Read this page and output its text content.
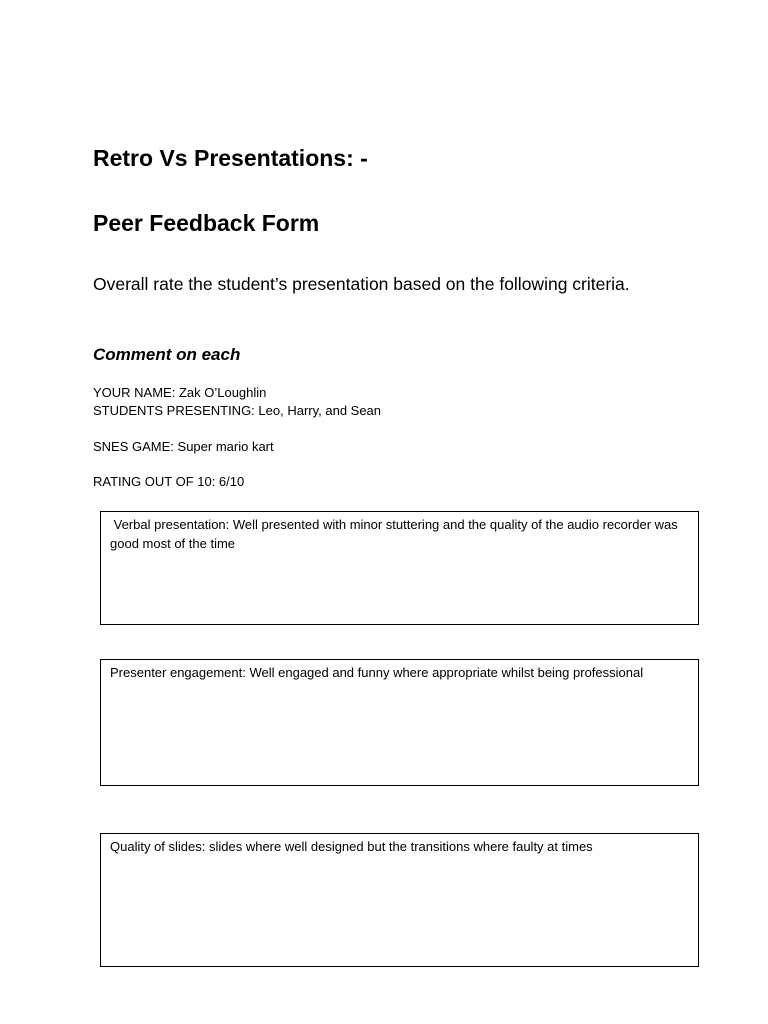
Retro Vs Presentations: -
Peer Feedback Form

Overall rate the student’s presentation based on the following criteria.

Comment on each

YOUR NAME: Zak O’Loughlin

STUDENTS PRESENTING: Leo, Harry, and Sean

SNES GAME: Super mario kart

RATING OUT OF 10: 6/10

Verbal presentation: Well presented with minor stuttering and the quality of the audio recorder was good most of the time
Presenter engagement: Well engaged and funny where appropriate whilst being professional
Quality of slides: slides where well designed but the transitions where faulty at times
